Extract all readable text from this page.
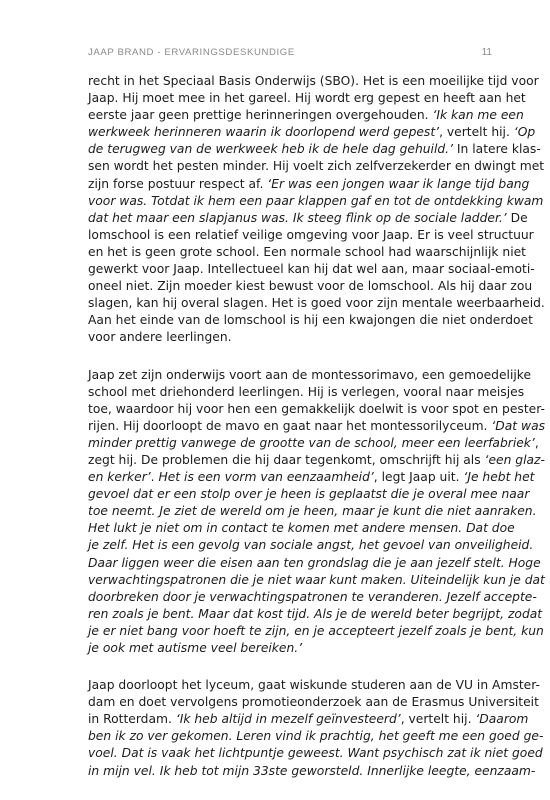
JAAP BRAND - ERVARINGSDESKUNDIGE	11

recht in het Speciaal Basis Onderwijs (SBO). Het is een moeilijke tijd voor
Jaap. Hij moet mee in het gareel. Hij wordt erg gepest en heeft aan het
eerste jaar geen prettige herinneringen overgehouden. ‘Ik kan me een
werkweek herinneren waarin ik doorlopend werd gepest’, vertelt hij. ‘Op
de terugweg van de werkweek heb ik de hele dag gehuild.’ In latere klas-
sen wordt het pesten minder. Hij voelt zich zelfverzekerder en dwingt met
zijn forse postuur respect af. ‘Er was een jongen waar ik lange tijd bang
voor was. Totdat ik hem een paar klappen gaf en tot de ontdekking kwam
dat het maar een slapjanus was. Ik steeg flink op de sociale ladder.’ De
lomschool is een relatief veilige omgeving voor Jaap. Er is veel structuur
en het is geen grote school. Een normale school had waarschijnlijk niet
gewerkt voor Jaap. Intellectueel kan hij dat wel aan, maar sociaal-emoti-
oneel niet. Zijn moeder kiest bewust voor de lomschool. Als hij daar zou
slagen, kan hij overal slagen. Het is goed voor zijn mentale weerbaarheid.
Aan het einde van de lomschool is hij een kwajongen die niet onderdoet
voor andere leerlingen.

Jaap zet zijn onderwijs voort aan de montessorimavo, een gemoedelijke
school met driehonderd leerlingen. Hij is verlegen, vooral naar meisjes
toe, waardoor hij voor hen een gemakkelijk doelwit is voor spot en pester-
rijen. Hij doorloopt de mavo en gaat naar het montessorilyceum. ‘Dat was
minder prettig vanwege de grootte van de school, meer een leerfabriek’,
zegt hij. De problemen die hij daar tegenkomt, omschrijft hij als ‘een glaz-
en kerker’. Het is een vorm van eenzaamheid’, legt Jaap uit. ‘Je hebt het
gevoel dat er een stolp over je heen is geplaatst die je overal mee naar
toe neemt. Je ziet de wereld om je heen, maar je kunt die niet aanraken.
Het lukt je niet om in contact te komen met andere mensen. Dat doe
je zelf. Het is een gevolg van sociale angst, het gevoel van onveiligheid.
Daar liggen weer die eisen aan ten grondslag die je aan jezelf stelt. Hoge
verwachtingspatronen die je niet waar kunt maken. Uiteindelijk kun je dat
doorbreken door je verwachtingspatronen te veranderen. Jezelf accepte-
ren zoals je bent. Maar dat kost tijd. Als je de wereld beter begrijpt, zodat
je er niet bang voor hoeft te zijn, en je accepteert jezelf zoals je bent, kun
je ook met autisme veel bereiken.’

Jaap doorloopt het lyceum, gaat wiskunde studeren aan de VU in Amster-
dam en doet vervolgens promotieonderzoek aan de Erasmus Universiteit
in Rotterdam. ‘Ik heb altijd in mezelf geïnvesteerd’, vertelt hij. ‘Daarom
ben ik zo ver gekomen. Leren vind ik prachtig, het geeft me een goed ge-
voel. Dat is vaak het lichtpuntje geweest. Want psychisch zat ik niet goed
in mijn vel. Ik heb tot mijn 33ste geworsteld. Innerlijke leegte, eenzaam-
